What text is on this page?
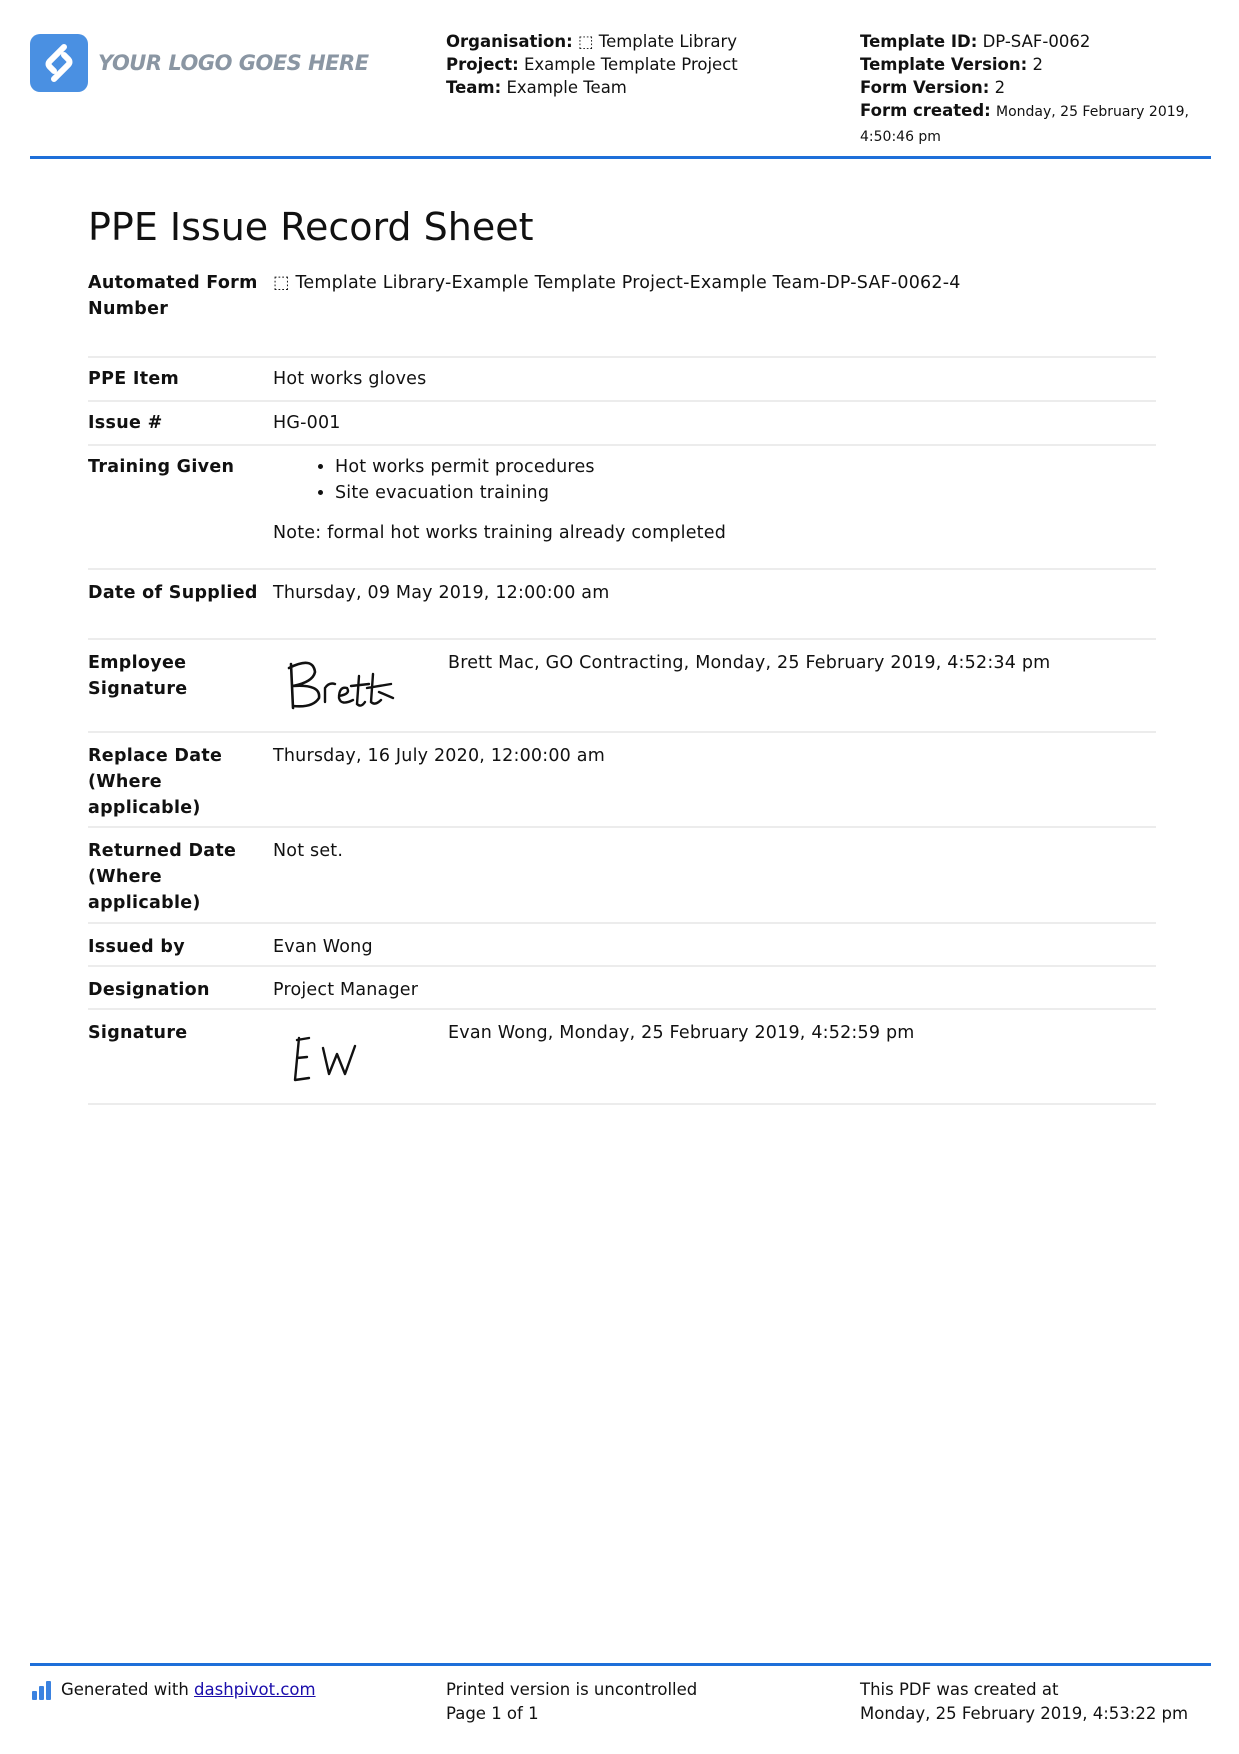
YOUR LOGO GOES HERE
Organisation: ⬚ Template Library
Project: Example Template Project
Team: Example Team
Template ID: DP-SAF-0062
Template Version: 2
Form Version: 2
Form created: Monday, 25 February 2019, 4:50:46 pm
PPE Issue Record Sheet
Automated Form Number
⬚ Template Library-Example Template Project-Example Team-DP-SAF-0062-4
PPE Item	Hot works gloves
Issue #	HG-001
Training Given
•	Hot works permit procedures
• Site evacuation training
Note: formal hot works training already completed
Date of Supplied Thursday, 09 May 2019, 12:00:00 am
Employee Signature
Brett Mac, GO Contracting, Monday, 25 February 2019, 4:52:34 pm
Replace Date (Where applicable)
Thursday, 16 July 2020, 12:00:00 am
Returned Date (Where applicable)
Not set.
Issued by	Evan Wong
Designation	Project Manager
Signature	Evan Wong, Monday, 25 February 2019, 4:52:59 pm
Generated with
dashpivot.com	Printed version is uncontrolled
Page 1 of 1
This PDF was created at
Monday, 25 February 2019, 4:53:22 pm
